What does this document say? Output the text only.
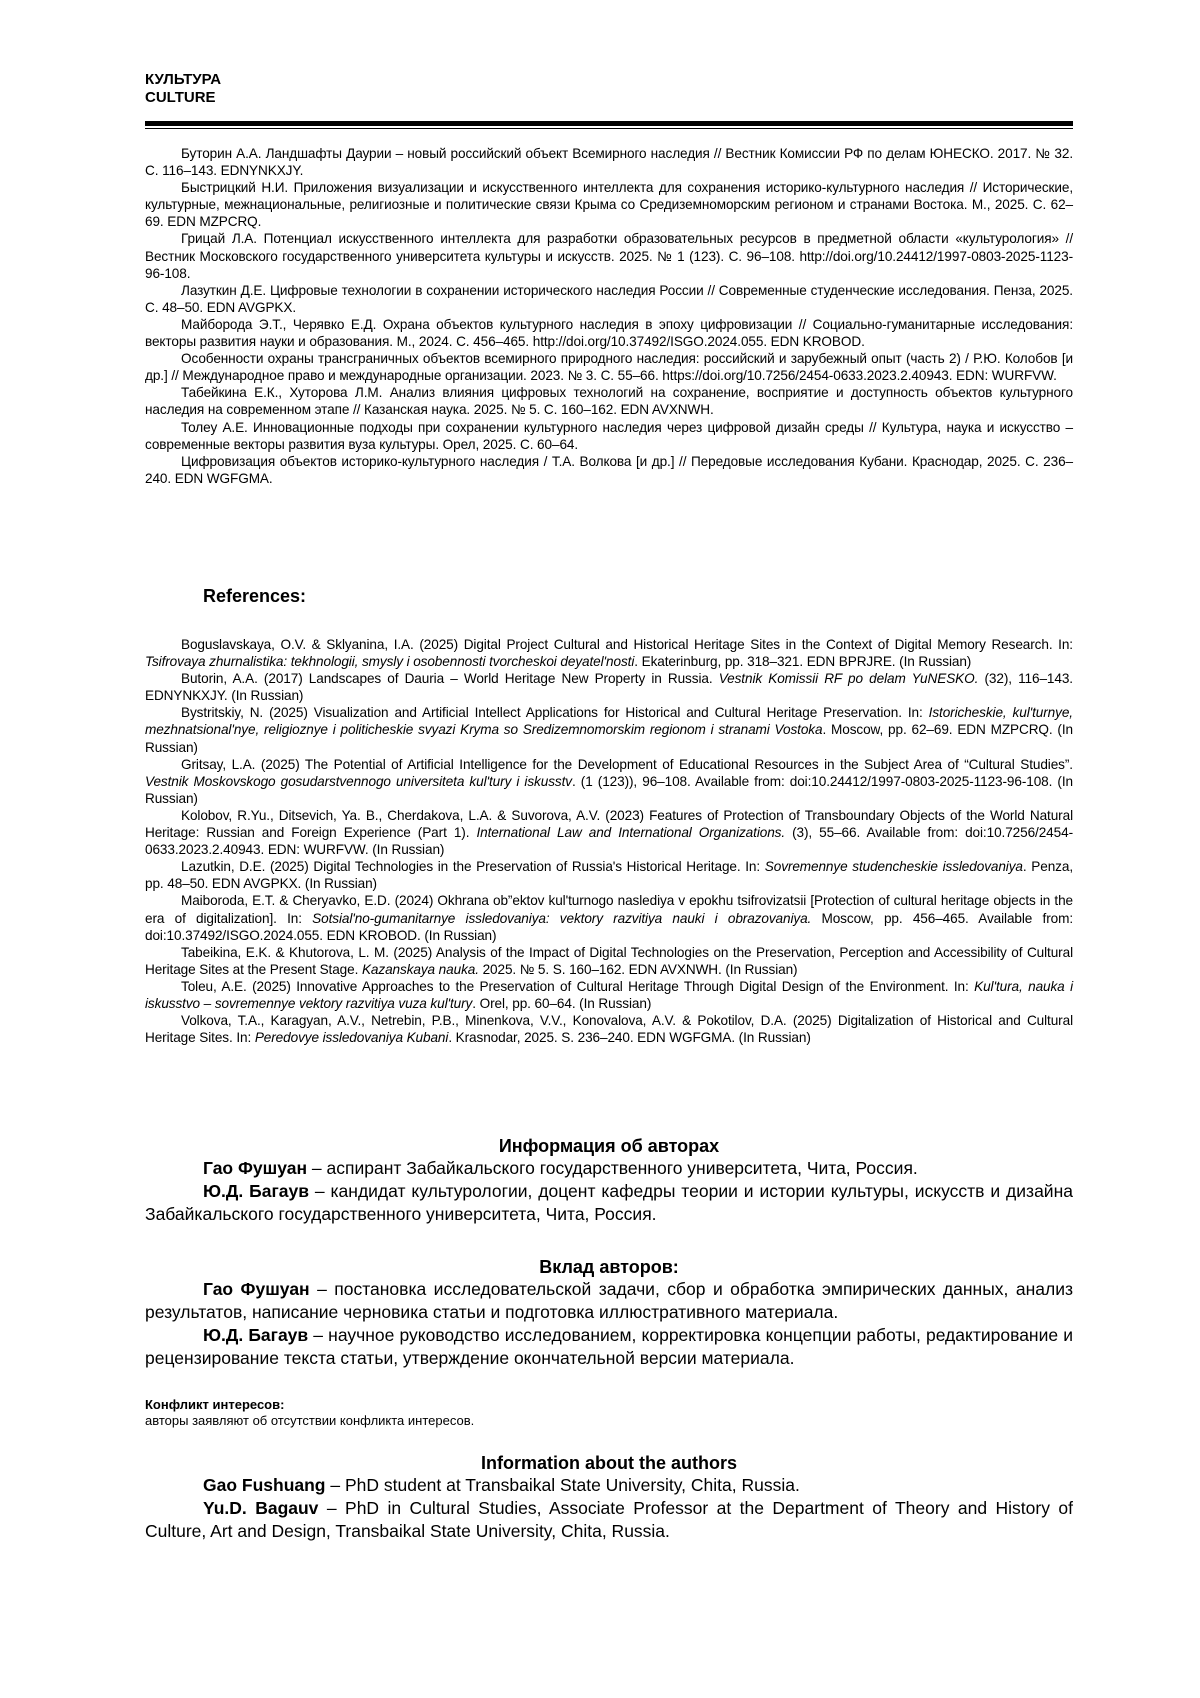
КУЛЬТУРА
CULTURE

Буторин А.А. Ландшафты Даурии – новый российский объект Всемирного наследия // Вестник Комиссии РФ по делам ЮНЕСКО. 2017. № 32. С. 116–143. EDNYNKXJY.

Быстрицкий Н.И. Приложения визуализации и искусственного интеллекта для сохранения историко-культурного наследия // Исторические, культурные, межнациональные, религиозные и политические связи Крыма со Средиземноморским регионом и странами Востока. М., 2025. С. 62–69. EDN MZPCRQ.

Грицай Л.А. Потенциал искусственного интеллекта для разработки образовательных ресурсов в предметной области «культурология» // Вестник Московского государственного университета культуры и искусств. 2025. № 1 (123). С. 96–108. http://doi.org/10.24412/1997-0803-2025-1123-96-108.

Лазуткин Д.Е. Цифровые технологии в сохранении исторического наследия России // Современные студенческие исследования. Пенза, 2025. С. 48–50. EDN AVGPKX.

Майборода Э.Т., Черявко Е.Д. Охрана объектов культурного наследия в эпоху цифровизации // Социально-гуманитарные исследования: векторы развития науки и образования. М., 2024. С. 456–465. http://doi.org/10.37492/ISGO.2024.055. EDN KROBOD.

Особенности охраны трансграничных объектов всемирного природного наследия: российский и зарубежный опыт (часть 2) / Р.Ю. Колобов [и др.] // Международное право и международные организации. 2023. № 3. С. 55–66. https://doi.org/10.7256/2454-0633.2023.2.40943. EDN: WURFVW.

Табейкина Е.К., Хуторова Л.М. Анализ влияния цифровых технологий на сохранение, восприятие и доступность объектов культурного наследия на современном этапе // Казанская наука. 2025. № 5. С. 160–162. EDN AVXNWH.

Толеу А.Е. Инновационные подходы при сохранении культурного наследия через цифровой дизайн среды // Культура, наука и искусство – современные векторы развития вуза культуры. Орел, 2025. С. 60–64.

Цифровизация объектов историко-культурного наследия / Т.А. Волкова [и др.] // Передовые исследования Кубани. Краснодар, 2025. С. 236–240. EDN WGFGMA.

References:

Boguslavskaya, O.V. & Sklyanina, I.A. (2025) Digital Project Cultural and Historical Heritage Sites in the Context of Digital Memory Research. In: Tsifrovaya zhurnalistika: tekhnologii, smysly i osobennosti tvorcheskoi deyatel'nosti. Ekaterinburg, pp. 318–321. EDN BPRJRE. (In Russian)

Butorin, A.A. (2017) Landscapes of Dauria – World Heritage New Property in Russia. Vestnik Komissii RF po delam YuNESKO. (32), 116–143. EDNYNKXJY. (In Russian)

Bystritskiy, N. (2025) Visualization and Artificial Intellect Applications for Historical and Cultural Heritage Preservation. In: Istoricheskie, kul'turnye, mezhnatsional'nye, religioznye i politicheskie svyazi Kryma so Sredizemnomorskim regionom i stranami Vostoka. Moscow, pp. 62–69. EDN MZPCRQ. (In Russian)

Gritsay, L.A. (2025) The Potential of Artificial Intelligence for the Development of Educational Resources in the Subject Area of “Cultural Studies”. Vestnik Moskovskogo gosudarstvennogo universiteta kul'tury i iskusstv. (1 (123)), 96–108. Available from: doi:10.24412/1997-0803-2025-1123-96-108. (In Russian)

Kolobov, R.Yu., Ditsevich, Ya. B., Cherdakova, L.A. & Suvorova, A.V. (2023) Features of Protection of Transboundary Objects of the World Natural Heritage: Russian and Foreign Experience (Part 1). International Law and International Organizations. (3), 55–66. Available from: doi:10.7256/2454-0633.2023.2.40943. EDN: WURFVW. (In Russian)

Lazutkin, D.E. (2025) Digital Technologies in the Preservation of Russia's Historical Heritage. In: Sovremennye studencheskie issledovaniya. Penza, pp. 48–50. EDN AVGPKX. (In Russian)

Maiboroda, E.T. & Cheryavko, E.D. (2024) Okhrana ob”ektov kul'turnogo naslediya v epokhu tsifrovizatsii [Protection of cultural heritage objects in the era of digitalization]. In: Sotsial'no-gumanitarnye issledovaniya: vektory razvitiya nauki i obrazovaniya. Moscow, pp. 456–465. Available from: doi:10.37492/ISGO.2024.055. EDN KROBOD. (In Russian)

Tabeikina, E.K. & Khutorova, L. M. (2025) Analysis of the Impact of Digital Technologies on the Preservation, Perception and Accessibility of Cultural Heritage Sites at the Present Stage. Kazanskaya nauka. 2025. № 5. S. 160–162. EDN AVXNWH. (In Russian)

Toleu, A.E. (2025) Innovative Approaches to the Preservation of Cultural Heritage Through Digital Design of the Environment. In: Kul'tura, nauka i iskusstvo – sovremennye vektory razvitiya vuza kul'tury. Orel, pp. 60–64. (In Russian)

Volkova, T.A., Karagyan, A.V., Netrebin, P.B., Minenkova, V.V., Konovalova, A.V. & Pokotilov, D.A. (2025) Digitalization of Historical and Cultural Heritage Sites. In: Peredovye issledovaniya Kubani. Krasnodar, 2025. S. 236–240. EDN WGFGMA. (In Russian)

Информация об авторах

Гао Фушуан – аспирант Забайкальского государственного университета, Чита, Россия.

Ю.Д. Багаув – кандидат культурологии, доцент кафедры теории и истории культуры, искусств и дизайна Забайкальского государственного университета, Чита, Россия.

Вклад авторов:

Гао Фушуан – постановка исследовательской задачи, сбор и обработка эмпирических данных, анализ результатов, написание черновика статьи и подготовка иллюстративного материала.

Ю.Д. Багаув – научное руководство исследованием, корректировка концепции работы, редактирование и рецензирование текста статьи, утверждение окончательной версии материала.

Конфликт интересов:

авторы заявляют об отсутствии конфликта интересов.

Information about the authors

Gao Fushuang – PhD student at Transbaikal State University, Chita, Russia.

Yu.D. Bagauv – PhD in Cultural Studies, Associate Professor at the Department of Theory and History of Culture, Art and Design, Transbaikal State University, Chita, Russia.
